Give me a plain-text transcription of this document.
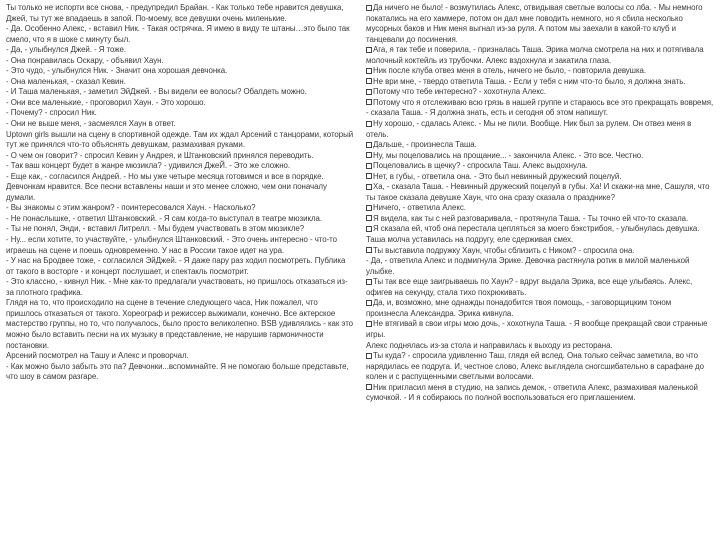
Ты только не испорти все снова, - предупредил Брайан. - Как только тебе нравится девушка, Джей, ты тут же впадаешь в запой. По-моему, все девушки очень миленькие.

- Да. Особенно Алекс, - вставил Ник. - Такая острячка. Я имею в виду те штаны…это было так смело, что я в шоке с минуту был.

- Да, - улыбнулся Джей. - Я тоже.

- Она понравилась Оскару, - объявил Хаун.

- Это чудо, - улыбнулся Ник. - Значит она хорошая девчонка.

- Она маленькая, - сказал Кевин.

- И Таша маленькая, - заметил ЭйДжей. - Вы видели ее волосы? Обалдеть можно.

- Они все маленькие, - проговорил Хаун. - Это хорошо.

- Почему? - спросил Ник.

- Они не выше меня, - засмеялся Хаун в ответ.

Uptown girls вышли на сцену в спортивной одежде. Там их ждал Арсений с танцорами, который тут же принялся что-то объяснять девушкам, размахивая руками.

- О чем он говорит? - спросил Кевин у Андрея, и Штанковский принялся переводить.

- Так ваш концерт будет в жанре мюзикла? - удивился ДжеЙ. - Это же сложно.

- Еще как, - согласился Андрей. - Но мы уже четыре месяца готовимся и все в порядке. Девчонкам нравится. Все песни вставлены наши и это менее сложно, чем они поначалу думали.

- Вы знакомы с этим жанром? - поинтересовался Хаун. - Насколько?

- Не понаслышке, - ответил Штанковский. - Я сам когда-то выступал в театре мюзикла.

- Ты не понял, Энди, - вставил Литрелл. - Мы будем участвовать в этом мюзикле?

- Ну... если хотите, то участвуйте, - улыбнулся Штанковский. - Это очень интересно - что-то играешь на сцене и поешь одновременно. У нас в России такое идет на ура.

- У нас на Бродвее тоже, - согласился ЭйДжей. - Я даже пару раз ходил посмотреть. Публика от такого в восторге - и концерт послушает, и спектакль посмотрит.

- Это классно, - кивнул Ник. - Мне как-то предлагали участвовать, но пришлось отказаться из-за плотного графика.

Глядя на то, что происходило на сцене в течение следующего часа, Ник пожалел, что пришлось отказаться от такого. Хореограф и режиссер выжимали, конечно. Все актерское мастерство группы, но то, что получалось, было просто великолепно. BSB удивлялись - как это можно было вставить песни на их музыку в представление, не нарушив гармоничности постановки.

Арсений посмотрел на Ташу и Алекс и проворчал.

- Как можно было забыть это па? Девчонки...вспоминайте. Я не помогаю больше представьте, что шоу в самом разгаре.

Да ничего не было! - возмутилась Алекс, отвидывая светлые волосы со лба. - Мы немного покатались на его хаммере, потом он дал мне поводить немного, но я сбила несколько мусорных баков и Ник меня выгнал из-за руля. А потом мы заехали в какой-то клуб и танцевали до посинения.

Ага, я так тебе и поверила, - призналась Таша. Эрика молча смотрела на них и потягивала молочный коктейль из трубочки. Алекс вздохнула и закатила глаза.

Ник после клуба отвез меня в отель, ничего не было, - повторила девушка.

Не ври мне, - твердо ответила Таша. - Если у тебя с ним что-то было, я должна знать.

Потому что тебе интересно? - хохотнула Алекс.

Потому что я отслеживаю всю грязь в нашей группе и стараюсь все это прекращать вовремя, - сказала Таша. - Я должна знать, есть и сегодня об этом напишут.

Ну хорошо, - сдалась Алекс. - Мы не пили. Вообще. Ник был за рулем. Он отвез меня в отель.

Дальше, - произнесла Таша.

Ну, мы поцеловались на прощание... - закончила Алекс. - Это все. Честно.

Поцеловались в щечку? - спросила Таш. Алекс выдохнула.

Нет, в губы, - ответила она. - Это был невинный дружеский поцелуй.

Ха, - сказала Таша. - Невинный дружеский поцелуй в губы. Ха! И скажи-на мне, Сашуля, что ты такое сказала девушке Хаун, что она сразу сказала о празднике?

Ничего, - ответила Алекс.

Я видела, как ты с ней разговаривала, - протянула Таша. - Ты точно ей что-то сказала.

Я сказала ей, чтоб она перестала цепляться за моего бэкстрибоя, - улыбнулась девушка. Таша молча уставилась на подругу, еле сдерживая смех.

Ты выставила подружку Хаун, чтобы сблизить с Ником? - спросила она.

- Да, - ответила Алекс и подмигнула Эрике. Девочка растянула ротик в милой маленькой улыбке.

Ты так все еще заигрываешь по Хаун? - вдруг выдала Эрика, все еще улыбаясь. Алекс, офигев на секунду, стала тихо похрюкивать.

Да, и, возможно, мне однажды понадобится твоя помощь, - заговорщицким тоном произнесла Александра. Эрика кивнула.

Не втягивай в свои игры мою дочь, - хохотнула Таша. - Я вообще прекращай свои странные игры.

Алекс поднялась из-за стола и направилась к выходу из ресторана.

Ты куда? - спросила удивленно Таш, глядя ей вслед. Она только сейчас заметила, во что нарядилась ее подруга. И, честное слово, Алекс выглядела сногсшибательно в сарафане до колен и с распущенными светлыми волосами.

Ник пригласил меня в студию, на запись демок, - ответила Алекс, размахивая маленькой сумочкой. - И я собираюсь по полной воспользоваться его приглашением.
